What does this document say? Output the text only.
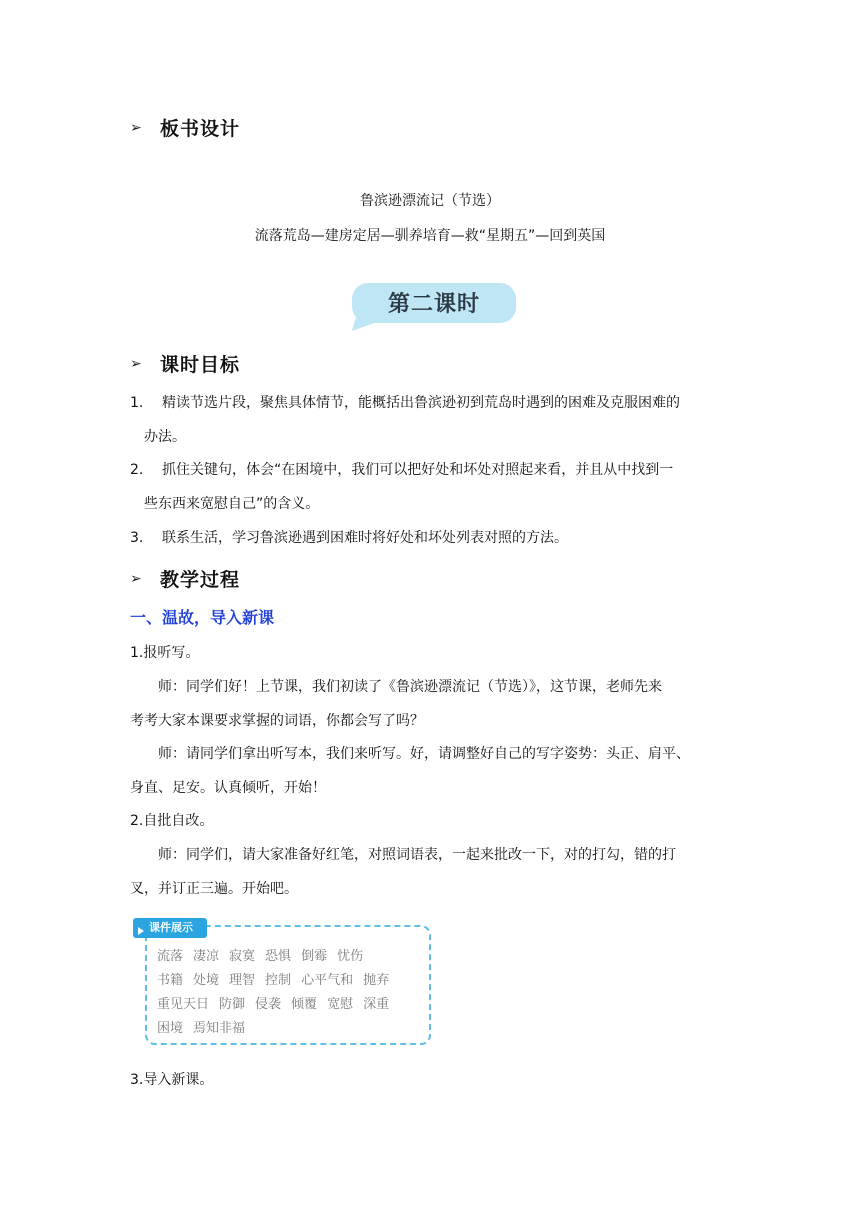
➢ 板书设计
鲁滨逊漂流记（节选）
流落荒岛—建房定居—驯养培育—救“星期五”—回到英国
第二课时
➢ 课时目标
1. 精读节选片段，聚焦具体情节，能概括出鲁滨逊初到荒岛时遇到的困难及克服困难的
办法。
2. 抓住关键句，体会“在困境中，我们可以把好处和坏处对照起来看，并且从中找到一
些东西来宽慰自己”的含义。
3. 联系生活，学习鲁滨逊遇到困难时将好处和坏处列表对照的方法。
➢ 教学过程
一、温故，导入新课
1.报听写。
师：同学们好！上节课，我们初读了《鲁滨逊漂流记（节选）》，这节课，老师先来
考考大家本课要求掌握的词语，你都会写了吗？
师：请同学们拿出听写本，我们来听写。好，请调整好自己的写字姿势：头正、肩平、
身直、足安。认真倾听，开始！
2.自批自改。
师：同学们，请大家准备好红笔，对照词语表，一起来批改一下，对的打勾，错的打
叉，并订正三遍。开始吧。
课件展示
流落 凄凉 寂寞 恐惧 倒霉 忧伤
书籍 处境 理智 控制 心平气和 抛弃
重见天日 防御 侵袭 倾覆 宽慰 深重
困境 焉知非福
3.导入新课。
